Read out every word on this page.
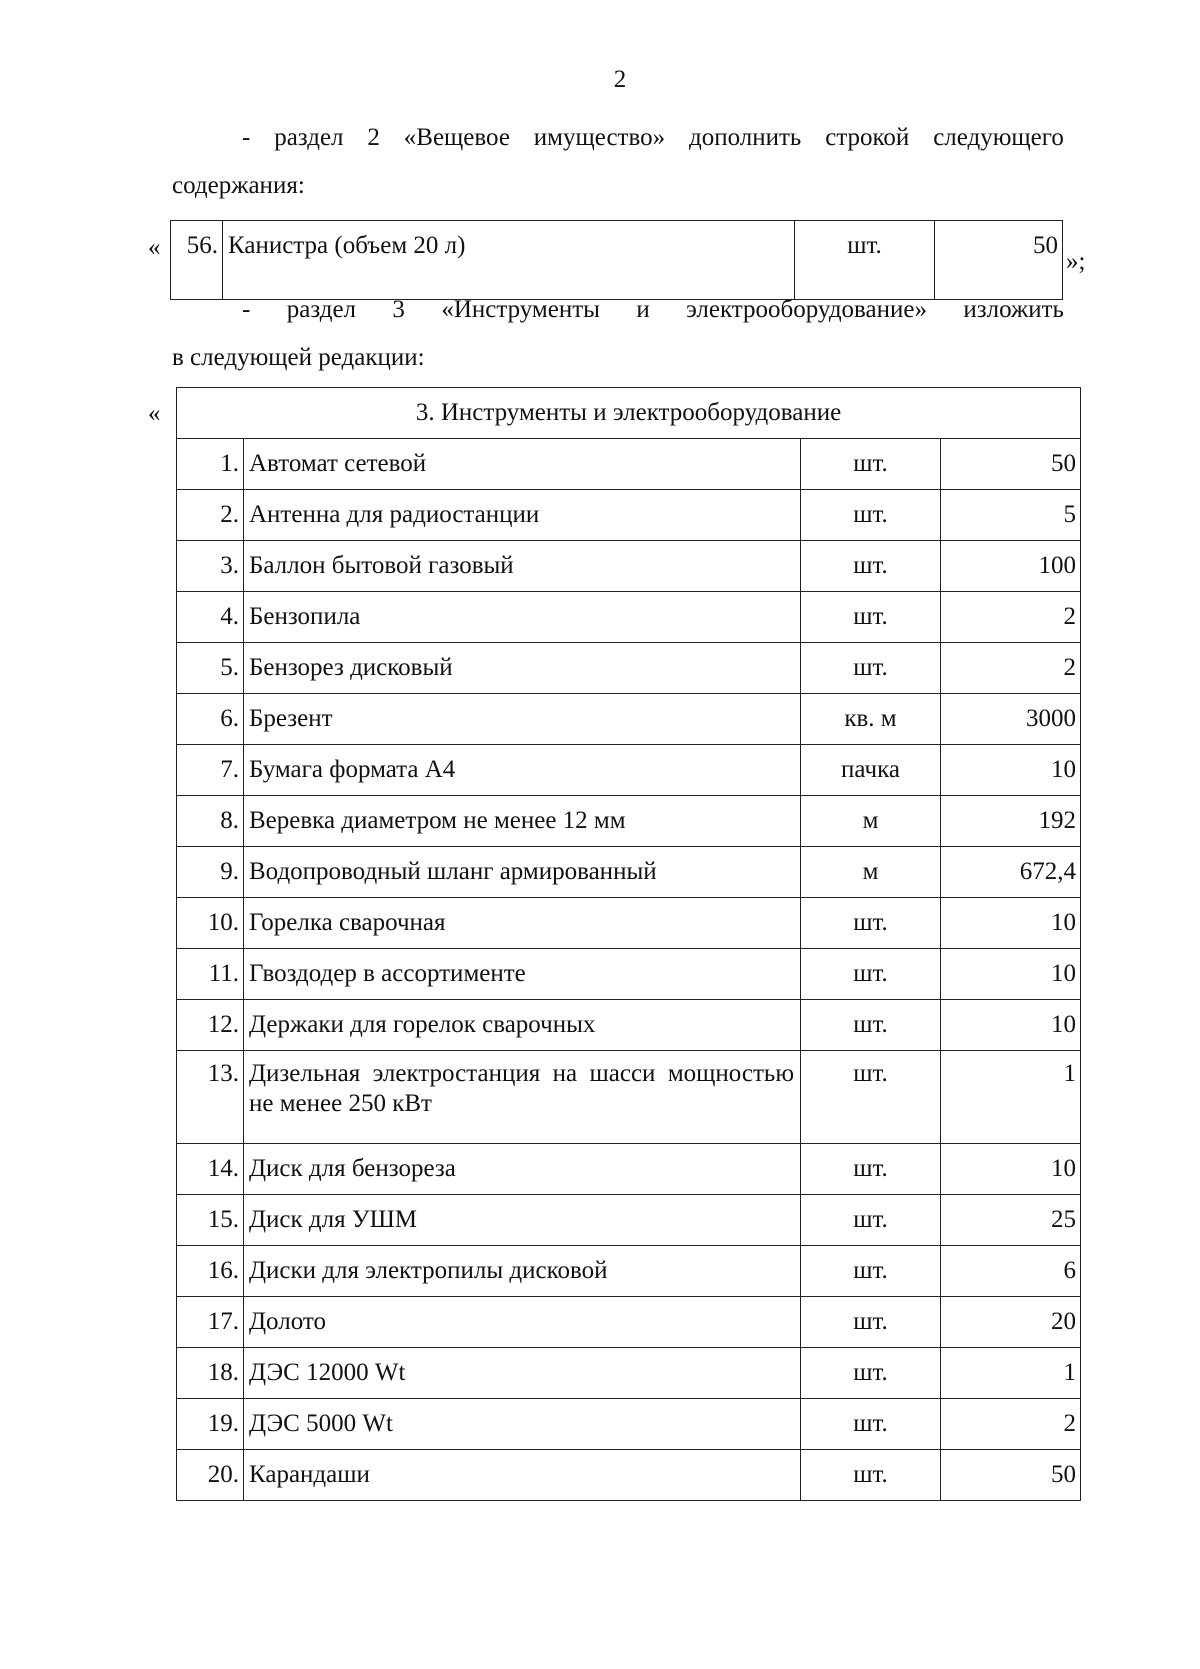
2
- раздел 2 «Вещевое имущество» дополнить строкой следующего
содержания:
« 56.	Канистра (объем 20 л)	шт.	50
»;
- раздел 3 «Инструменты и электрооборудование» изложить
в следующей редакции:
«	3. Инструменты и электрооборудование			
1.	Автомат сетевой	шт.	50
2.	Антенна для радиостанции	шт.	5
3.	Баллон бытовой газовый	шт.	100
4.	Бензопила	шт.	2
5.	Бензорез дисковый	шт.	2
6.	Брезент	кв. м	3000
7.	Бумага формата А4	пачка	10
8.	Веревка диаметром не менее 12 мм	м	192
9.	Водопроводный шланг армированный	м	672,4
10.	Горелка сварочная	шт.	10
11.	Гвоздодер в ассортименте	шт.	10
12.	Держаки для горелок сварочных	шт.	10
13.	Дизельная электростанция на шасси мощностью не менее 250 кВт	шт.	1
14.	Диск для бензореза	шт.	10
15.	Диск для УШМ	шт.	25
16.	Диски для электропилы дисковой	шт.	6
17.	Долото	шт.	20
18.	ДЭС 12000 Wt	шт.	1
19.	ДЭС 5000 Wt	шт.	2
20.	Карандаши	шт.	50
